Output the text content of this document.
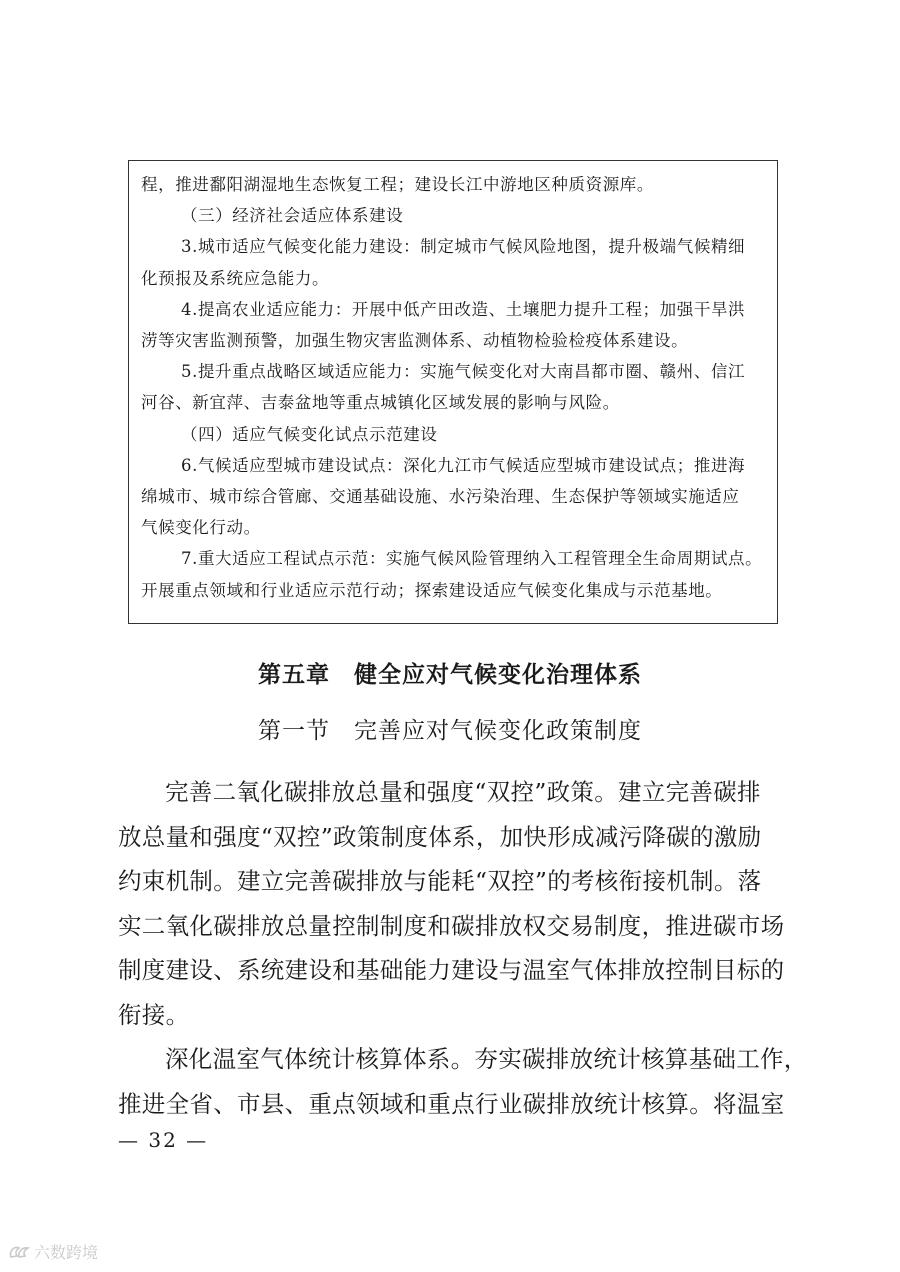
程，推进鄱阳湖湿地生态恢复工程；建设长江中游地区种质资源库。

（三）经济社会适应体系建设

3.城市适应气候变化能力建设：制定城市气候风险地图，提升极端气候精细

化预报及系统应急能力。

4.提高农业适应能力：开展中低产田改造、土壤肥力提升工程；加强干旱洪

涝等灾害监测预警，加强生物灾害监测体系、动植物检验检疫体系建设。

5.提升重点战略区域适应能力：实施气候变化对大南昌都市圈、赣州、信江

河谷、新宜萍、吉泰盆地等重点城镇化区域发展的影响与风险。

（四）适应气候变化试点示范建设

6.气候适应型城市建设试点：深化九江市气候适应型城市建设试点；推进海

绵城市、城市综合管廊、交通基础设施、水污染治理、生态保护等领域实施适应

气候变化行动。

7.重大适应工程试点示范：实施气候风险管理纳入工程管理全生命周期试点。

开展重点领域和行业适应示范行动；探索建设适应气候变化集成与示范基地。

第五章　健全应对气候变化治理体系
第一节　完善应对气候变化政策制度

完善二氧化碳排放总量和强度“双控”政策。建立完善碳排

放总量和强度“双控”政策制度体系，加快形成减污降碳的激励

约束机制。建立完善碳排放与能耗“双控”的考核衔接机制。落

实二氧化碳排放总量控制制度和碳排放权交易制度，推进碳市场

制度建设、系统建设和基础能力建设与温室气体排放控制目标的

衔接。

深化温室气体统计核算体系。夯实碳排放统计核算基础工作，

推进全省、市县、重点领域和重点行业碳排放统计核算。将温室

— 32 —
六数跨境
